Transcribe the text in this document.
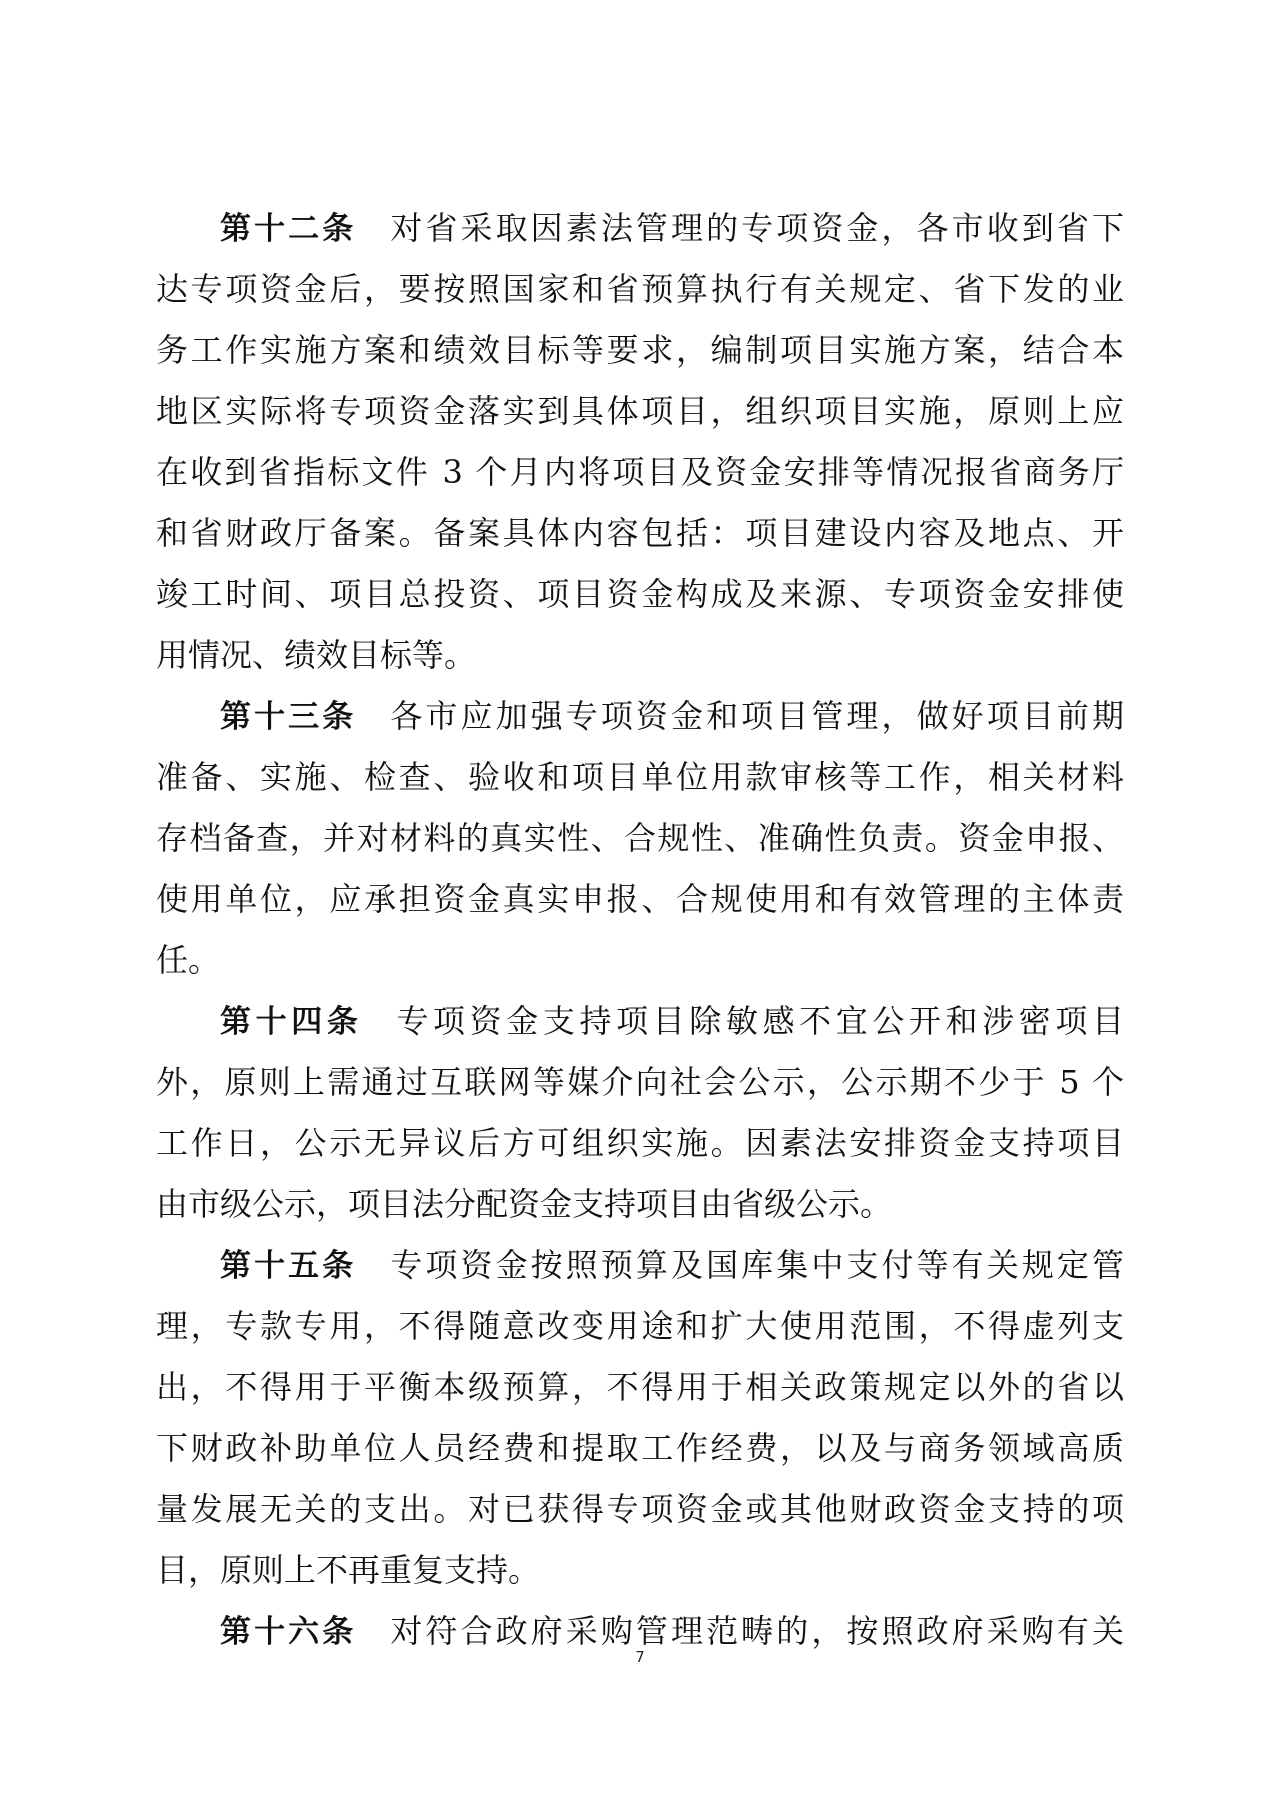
第十二条 对省采取因素法管理的专项资金，各市收到省下
达专项资金后，要按照国家和省预算执行有关规定、省下发的业
务工作实施方案和绩效目标等要求，编制项目实施方案，结合本
地区实际将专项资金落实到具体项目，组织项目实施，原则上应
在收到省指标文件 3 个月内将项目及资金安排等情况报省商务厅
和省财政厅备案。备案具体内容包括：项目建设内容及地点、开
竣工时间、项目总投资、项目资金构成及来源、专项资金安排使
用情况、绩效目标等。
第十三条 各市应加强专项资金和项目管理，做好项目前期
准备、实施、检查、验收和项目单位用款审核等工作，相关材料
存档备查，并对材料的真实性、合规性、准确性负责。资金申报、
使用单位，应承担资金真实申报、合规使用和有效管理的主体责
任。
第十四条 专项资金支持项目除敏感不宜公开和涉密项目
外，原则上需通过互联网等媒介向社会公示，公示期不少于 5 个
工作日，公示无异议后方可组织实施。因素法安排资金支持项目
由市级公示，项目法分配资金支持项目由省级公示。
第十五条 专项资金按照预算及国库集中支付等有关规定管
理，专款专用，不得随意改变用途和扩大使用范围，不得虚列支
出，不得用于平衡本级预算，不得用于相关政策规定以外的省以
下财政补助单位人员经费和提取工作经费，以及与商务领域高质
量发展无关的支出。对已获得专项资金或其他财政资金支持的项
目，原则上不再重复支持。
第十六条 对符合政府采购管理范畴的，按照政府采购有关
7
